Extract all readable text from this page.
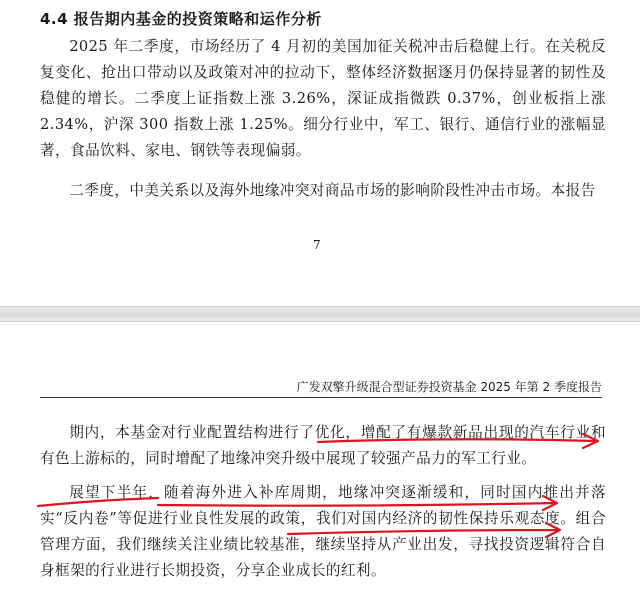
4.4 报告期内基金的投资策略和运作分析

2025 年二季度，市场经历了 4 月初的美国加征关税冲击后稳健上行。在关税反复变化、抢出口带动以及政策对冲的拉动下，整体经济数据逐月仍保持显著的韧性及稳健的增长。二季度上证指数上涨 3.26%，深证成指微跌 0.37%，创业板指上涨 2.34%，沪深 300 指数上涨 1.25%。细分行业中，军工、银行、通信行业的涨幅显著，食品饮料、家电、钢铁等表现偏弱。

二季度，中美关系以及海外地缘冲突对商品市场的影响阶段性冲击市场。本报告

7
广发双擎升级混合型证券投资基金 2025 年第 2 季度报告

期内，本基金对行业配置结构进行了优化，增配了有爆款新品出现的汽车行业和有色上游标的，同时增配了地缘冲突升级中展现了较强产品力的军工行业。

展望下半年，随着海外进入补库周期，地缘冲突逐渐缓和，同时国内推出并落实“反内卷”等促进行业良性发展的政策，我们对国内经济的韧性保持乐观态度。组合管理方面，我们继续关注业绩比较基准，继续坚持从产业出发，寻找投资逻辑符合自身框架的行业进行长期投资，分享企业成长的红利。
